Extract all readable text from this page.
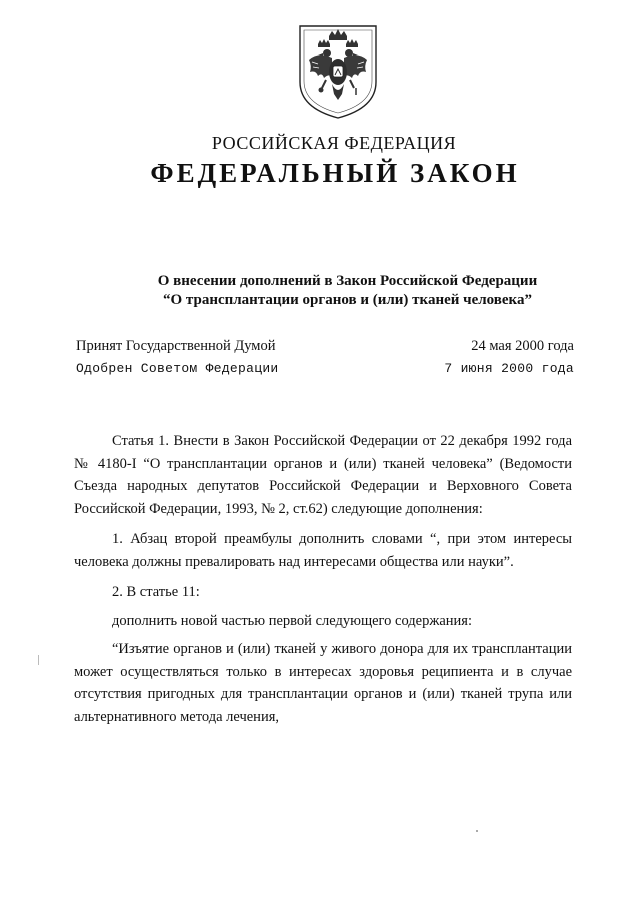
РОССИЙСКАЯ ФЕДЕРАЦИЯ
ФЕДЕРАЛЬНЫЙ ЗАКОН
О внесении дополнений в Закон Российской Федерации
“О трансплантации органов и (или) тканей человека”
Принят Государственной Думой	24 мая 2000 года
Одобрен Советом Федерации	7 июня 2000 года

Статья 1. Внести в Закон Российской Федерации от 22 декабря 1992 года № 4180-I “О трансплантации органов и (или) тканей человека” (Ведомости Съезда народных депутатов Российской Федерации и Верховного Совета Российской Федерации, 1993, № 2, ст.62) следующие дополнения:

1. Абзац второй преамбулы дополнить словами “, при этом интересы человека должны превалировать над интересами общества или науки”.

2. В статье 11:

дополнить новой частью первой следующего содержания:

“Изъятие органов и (или) тканей у живого донора для их трансплантации может осуществляться только в интересах здоровья реципиента и в случае отсутствия пригодных для трансплантации органов и (или) тканей трупа или альтернативного метода лечения,
